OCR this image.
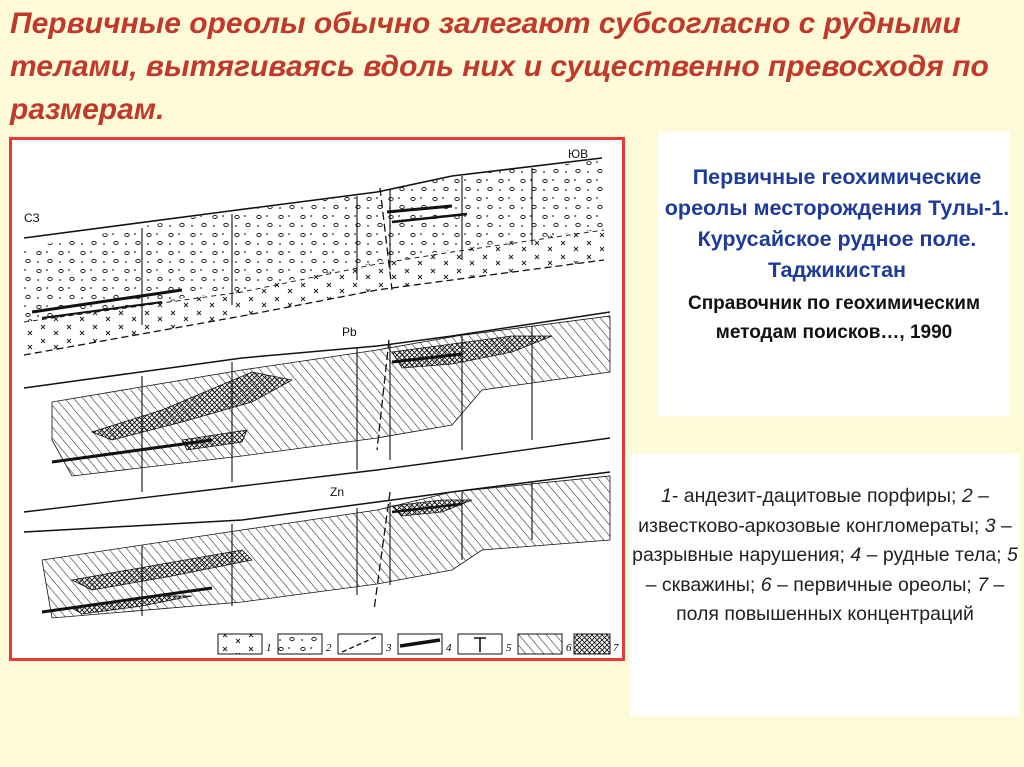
Первичные ореолы обычно залегают субсогласно с рудными телами, вытягиваясь вдоль них и существенно превосходя по размерам.
СЗ
ЮВ
Pb
Zn
1	2	3	4	5	6	7
Первичные геохимические ореолы месторождения Тулы-1. Курусайское рудное поле. Таджикистан
Справочник по геохимическим методам поисков…, 1990
1- андезит-дацитовые порфиры; 2 – известково-аркозовые конгломераты; 3 – разрывные нарушения; 4 – рудные тела; 5 – скважины; 6 – первичные ореолы; 7 – поля повышенных концентраций
